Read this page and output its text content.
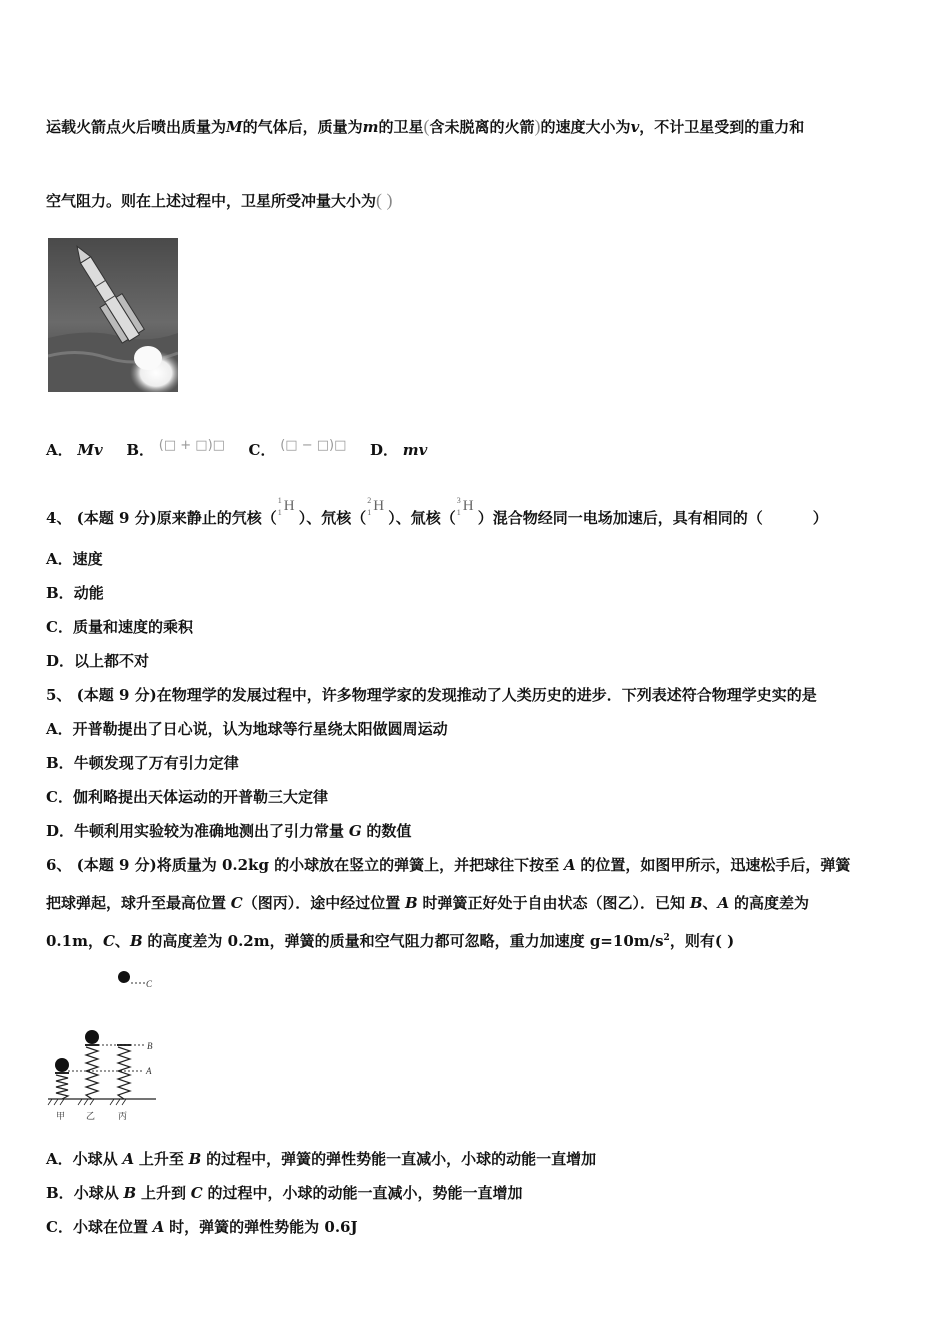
运载火箭点火后喷出质量为M的气体后，质量为m的卫星(含未脱离的火箭)的速度大小为v，不计卫星受到的重力和
空气阻力。则在上述过程中，卫星所受冲量大小为( )
A． Mv B． (□ + □)□ C． (□ − □)□ D． mv
4、 (本题 9 分)原来静止的氕核（
1
1 H
）、氘核（
2
1 H
）、氚核（
3
1 H
）混合物经同一电场加速后，具有相同的（	）
A．速度
B．动能
C．质量和速度的乘积
D．以上都不对
5、 (本题 9 分)在物理学的发展过程中，许多物理学家的发现推动了人类历史的进步．下列表述符合物理学史实的是
A．开普勒提出了日心说，认为地球等行星绕太阳做圆周运动
B．牛顿发现了万有引力定律
C．伽利略提出天体运动的开普勒三大定律
D．牛顿利用实验较为准确地测出了引力常量 G 的数值
6、 (本题 9 分)将质量为 0.2kg 的小球放在竖立的弹簧上，并把球往下按至 A 的位置，如图甲所示，迅速松手后，弹簧
把球弹起，球升至最高位置 C（图丙）．途中经过位置 B 时弹簧正好处于自由状态（图乙）．已知 B、A 的高度差为
0.1m，C、B 的高度差为 0.2m，弹簧的质量和空气阻力都可忽略，重力加速度 $g=10m/s^2$，则有( )
C
B
A
甲 乙	丙
A．小球从 A 上升至 B 的过程中，弹簧的弹性势能一直减小，小球的动能一直增加
B．小球从 B 上升到 C 的过程中，小球的动能一直减小，势能一直增加
C．小球在位置 A 时，弹簧的弹性势能为 0.6J
